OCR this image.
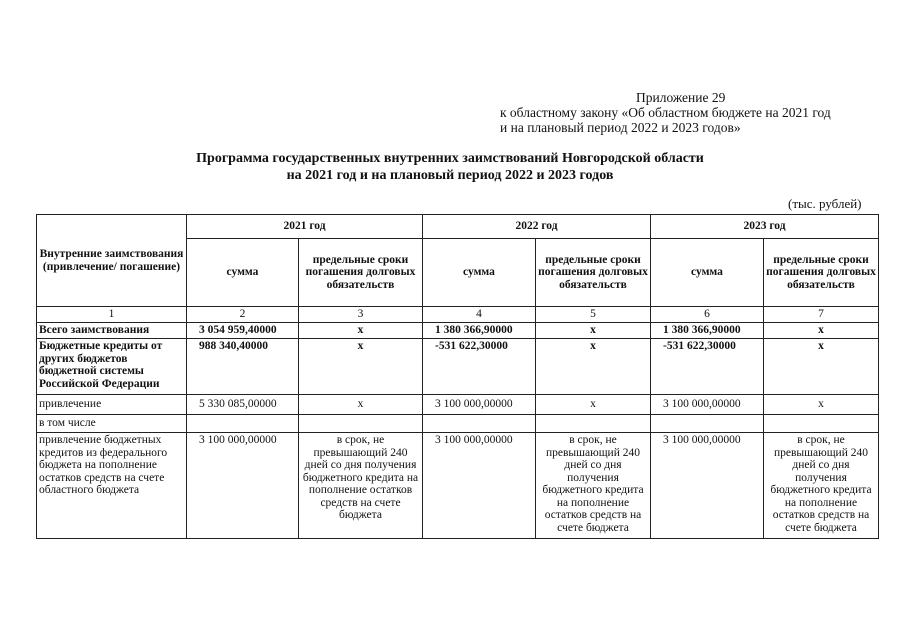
Приложение 29
к областному закону «Об областном бюджете на 2021 год
и на плановый период 2022 и 2023 годов»
Программа государственных внутренних заимствований Новгородской области
на 2021 год и на плановый период 2022 и 2023 годов
(тыс. рублей)
Внутренние заимствования (привлечение/ погашение)	2021 год		2022 год		2023 год	
	сумма	предельные сроки погашения долговых обязательств	сумма	предельные сроки погашения долговых обязательств	сумма	предельные сроки погашения долговых обязательств
1	2	3	4	5	6	7
Всего заимствования	3 054 959,40000	х	1 380 366,90000	х	1 380 366,90000	х
Бюджетные кредиты от других бюджетов бюджетной системы Российской Федерации	988 340,40000	х	-531 622,30000	х	-531 622,30000	х
привлечение	5 330 085,00000	х	3 100 000,00000	х	3 100 000,00000	х
в том числе						
привлечение бюджетных кредитов из федерального бюджета на пополнение остатков средств на счете областного бюджета	3 100 000,00000	в срок, не превышающий 240 дней со дня получения бюджетного кредита на пополнение остатков средств на счете бюджета	3 100 000,00000	в срок, не превышающий 240 дней со дня получения бюджетного кредита на пополнение остатков средств на счете бюджета	3 100 000,00000	в срок, не превышающий 240 дней со дня получения бюджетного кредита на пополнение остатков средств на счете бюджета
